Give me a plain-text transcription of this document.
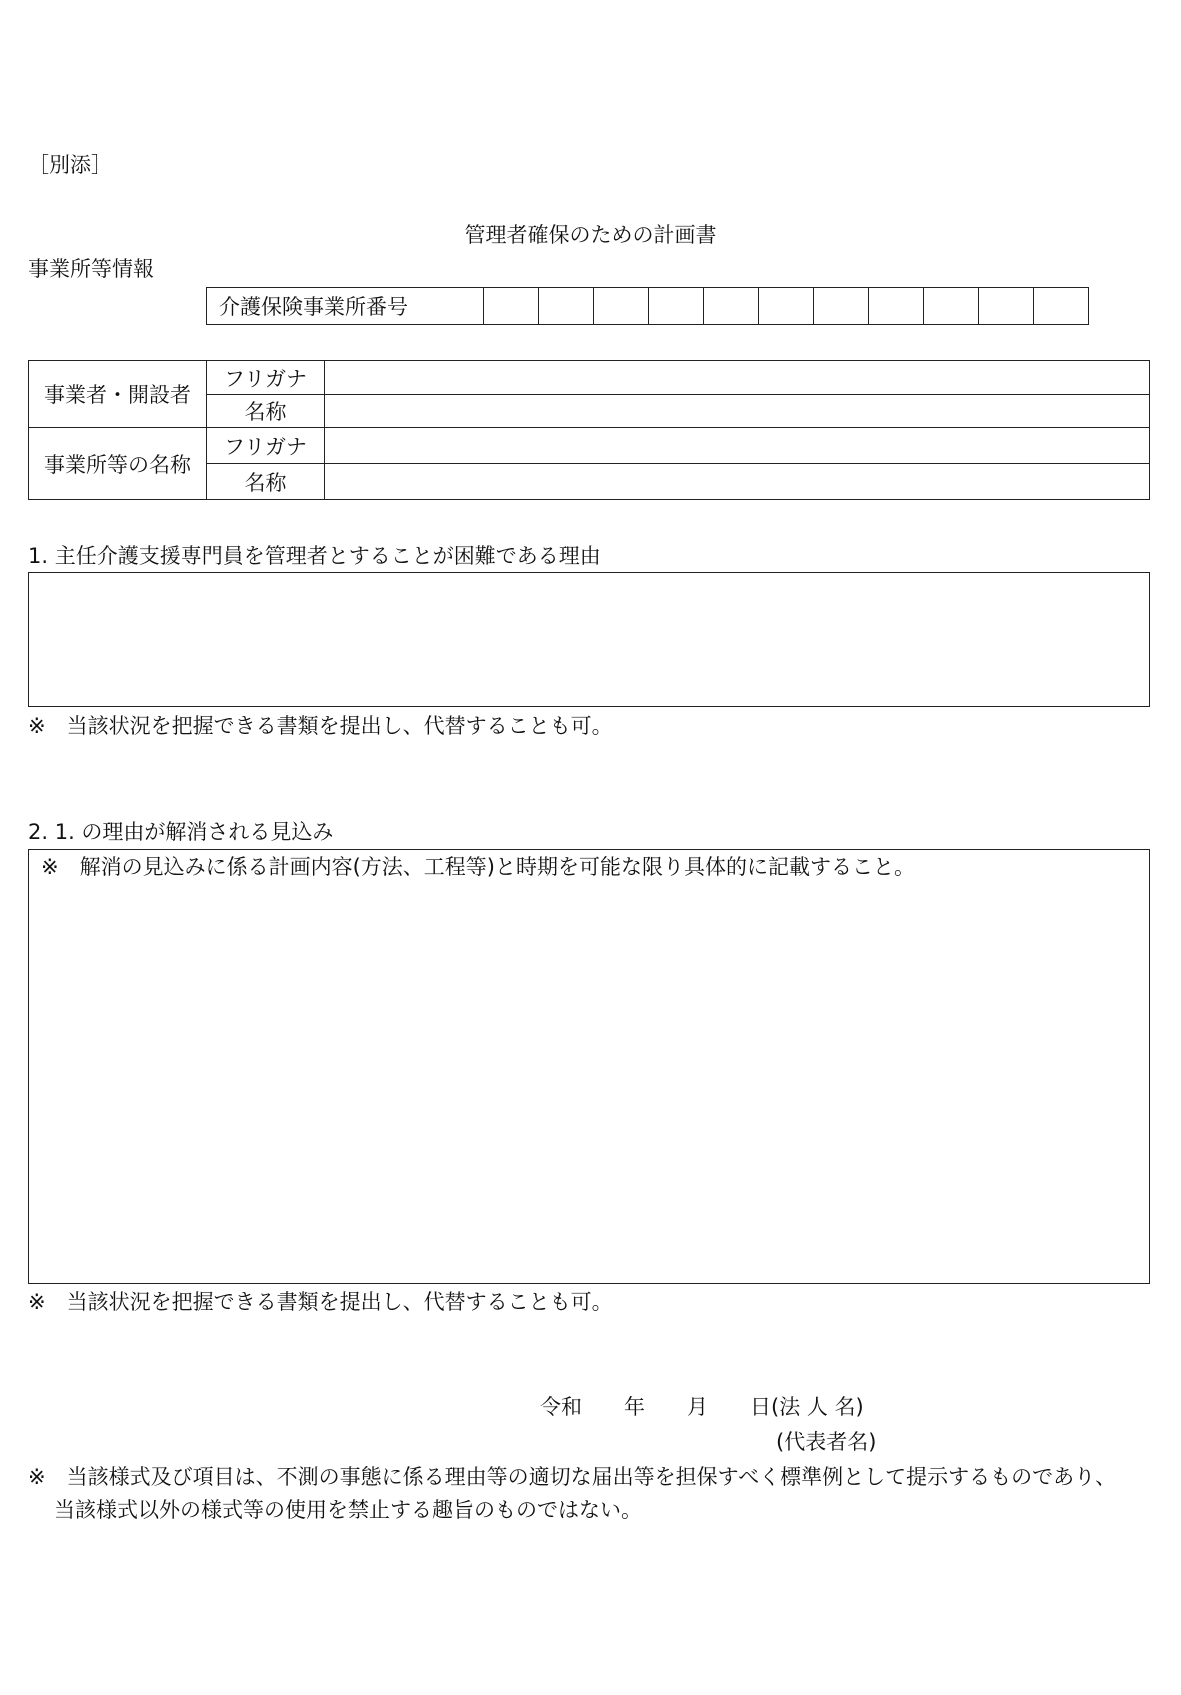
［別添］
管理者確保のための計画書
事業所等情報
介護保険事業所番号											
事業者・開設者	フリガナ	
	名称	
事業所等の名称	フリガナ	
	名称	
1. 主任介護支援専門員を管理者とすることが困難である理由
※　当該状況を把握できる書類を提出し、代替することも可。
2. 1. の理由が解消される見込み
※　解消の見込みに係る計画内容(方法、工程等)と時期を可能な限り具体的に記載すること。
※　当該状況を把握できる書類を提出し、代替することも可。
令和　　年　　月　　日(法 人 名)
(代表者名)
※　当該様式及び項目は、不測の事態に係る理由等の適切な届出等を担保すべく標準例として提示するものであり、
当該様式以外の様式等の使用を禁止する趣旨のものではない。
